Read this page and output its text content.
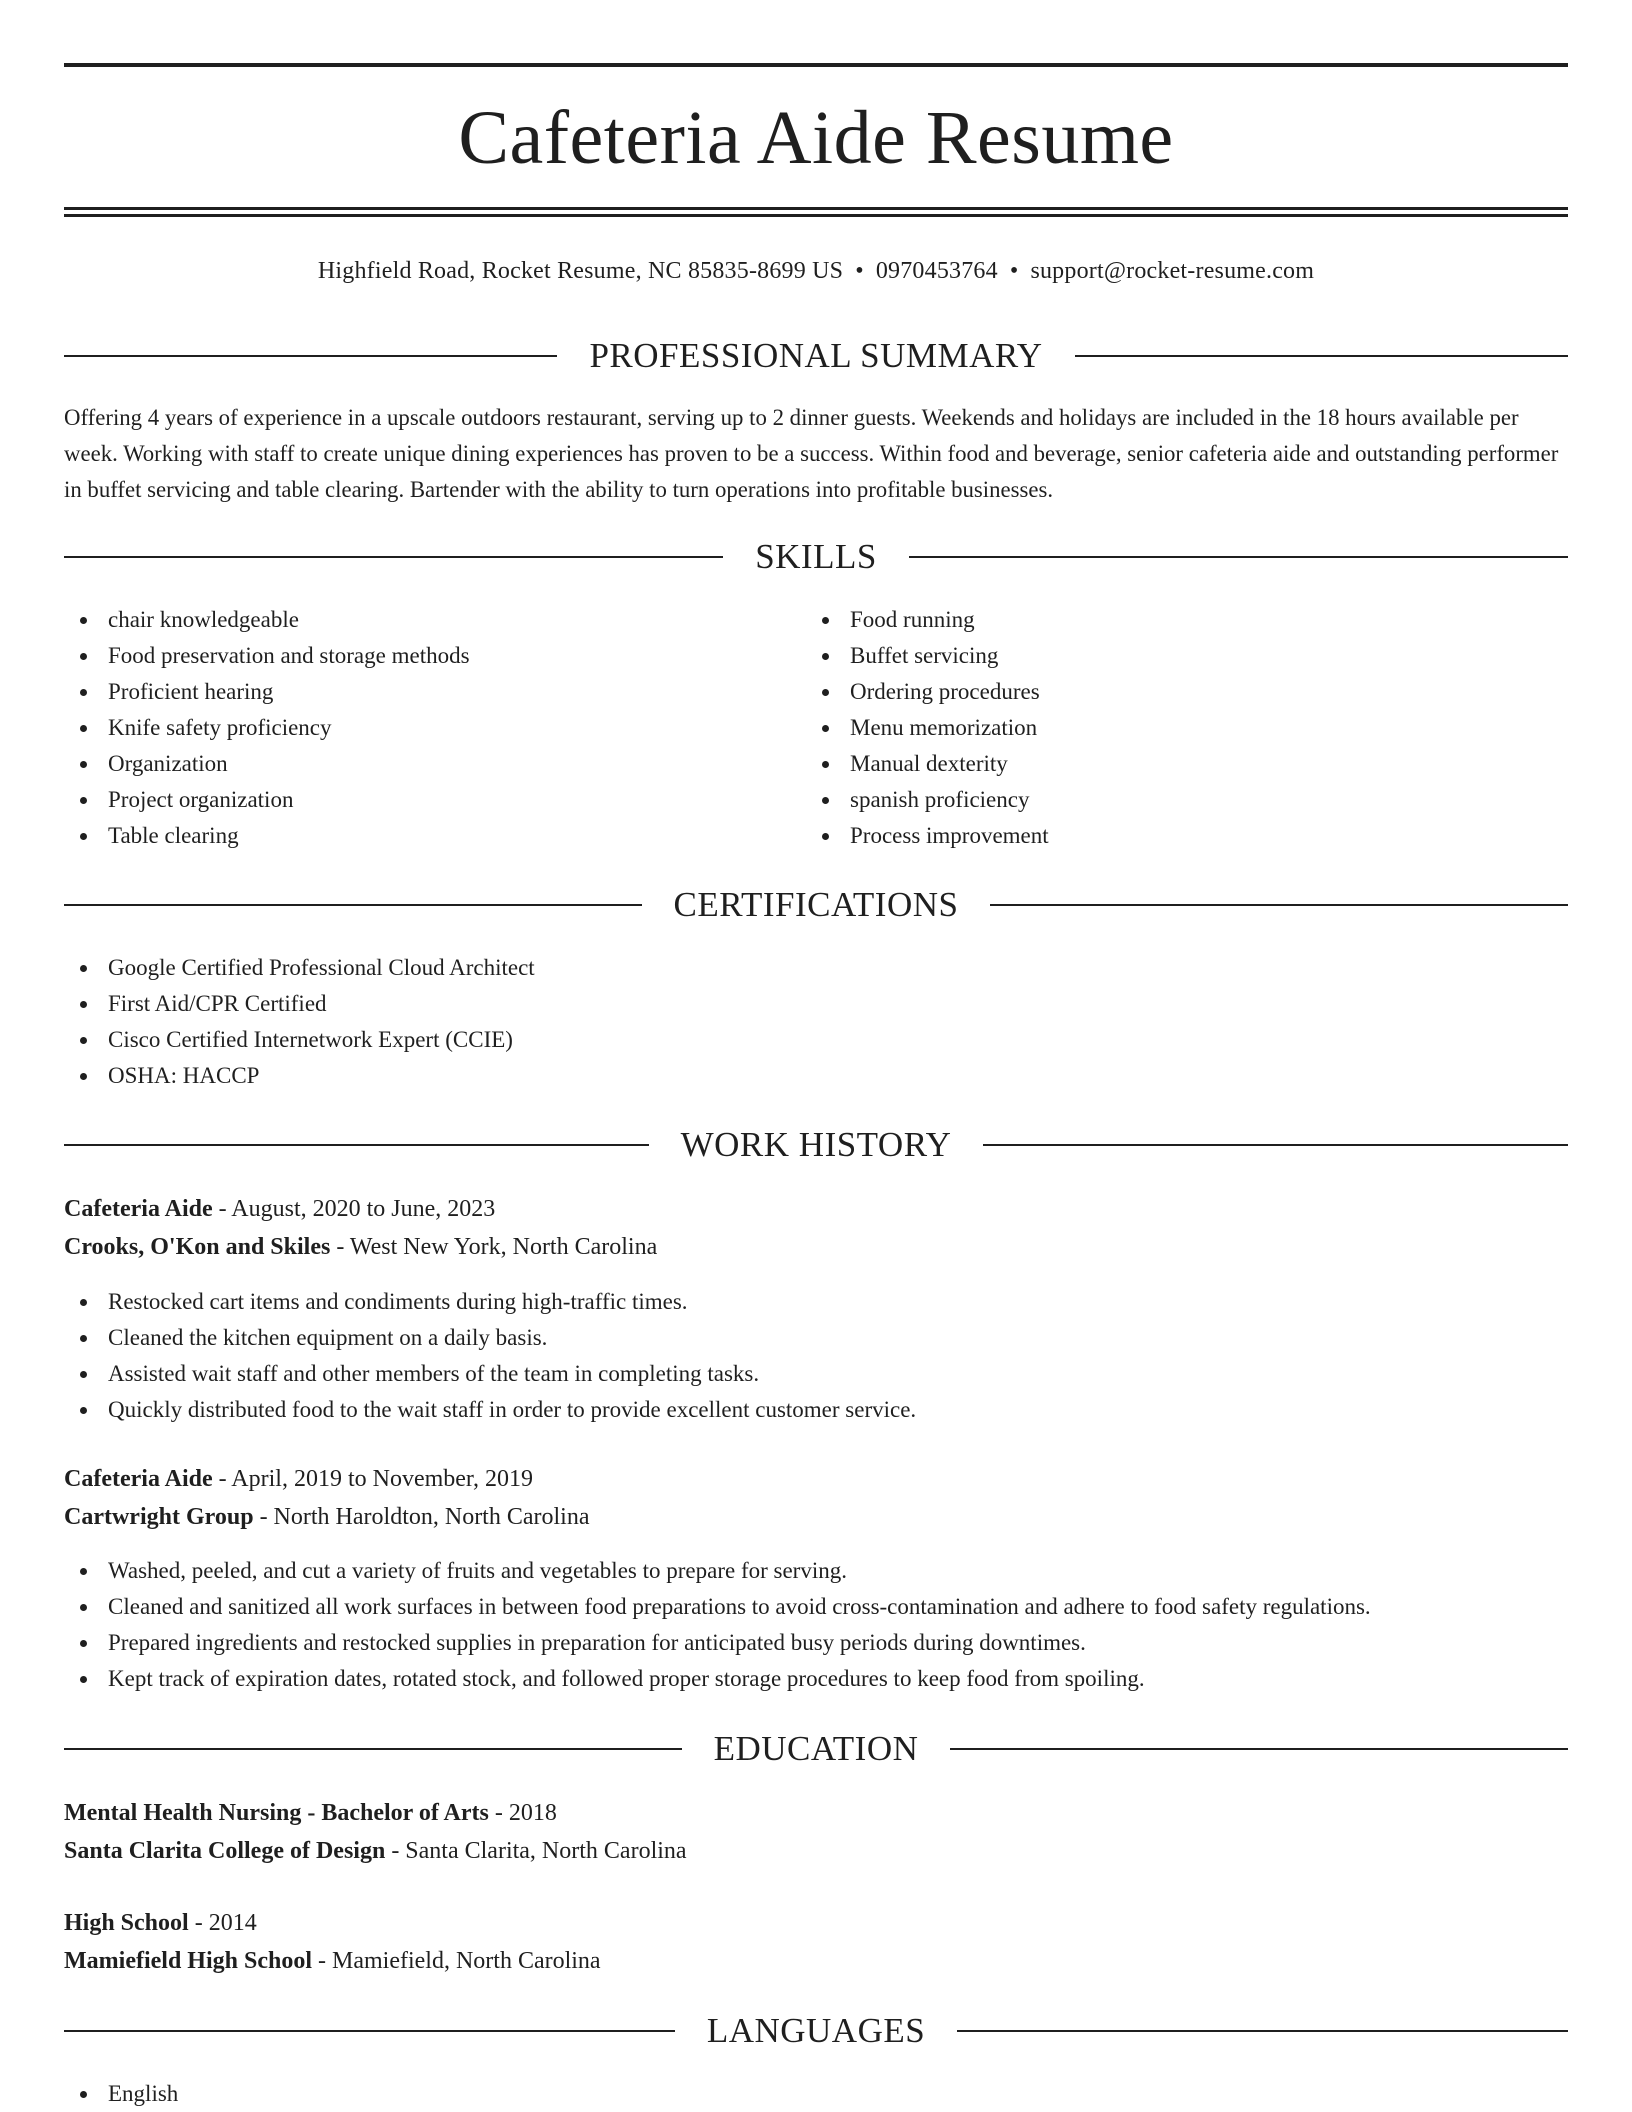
Cafeteria Aide Resume
Highfield Road, Rocket Resume, NC 85835-8699 US • 0970453764 • support@rocket-resume.com
PROFESSIONAL SUMMARY
Offering 4 years of experience in a upscale outdoors restaurant, serving up to 2 dinner guests. Weekends and holidays are included in the 18 hours available per week. Working with staff to create unique dining experiences has proven to be a success. Within food and beverage, senior cafeteria aide and outstanding performer in buffet servicing and table clearing. Bartender with the ability to turn operations into profitable businesses.
SKILLS
chair knowledgeable
Food preservation and storage methods
Proficient hearing
Knife safety proficiency
Organization
Project organization
Table clearing
Food running
Buffet servicing
Ordering procedures
Menu memorization
Manual dexterity
spanish proficiency
Process improvement
CERTIFICATIONS
Google Certified Professional Cloud Architect
First Aid/CPR Certified
Cisco Certified Internetwork Expert (CCIE)
OSHA: HACCP
WORK HISTORY
Cafeteria Aide - August, 2020 to June, 2023
Crooks, O'Kon and Skiles - West New York, North Carolina
Restocked cart items and condiments during high-traffic times.
Cleaned the kitchen equipment on a daily basis.
Assisted wait staff and other members of the team in completing tasks.
Quickly distributed food to the wait staff in order to provide excellent customer service.
Cafeteria Aide - April, 2019 to November, 2019
Cartwright Group - North Haroldton, North Carolina
Washed, peeled, and cut a variety of fruits and vegetables to prepare for serving.
Cleaned and sanitized all work surfaces in between food preparations to avoid cross-contamination and adhere to food safety regulations.
Prepared ingredients and restocked supplies in preparation for anticipated busy periods during downtimes.
Kept track of expiration dates, rotated stock, and followed proper storage procedures to keep food from spoiling.
EDUCATION
Mental Health Nursing - Bachelor of Arts - 2018
Santa Clarita College of Design - Santa Clarita, North Carolina
High School - 2014
Mamiefield High School - Mamiefield, North Carolina
LANGUAGES
English
